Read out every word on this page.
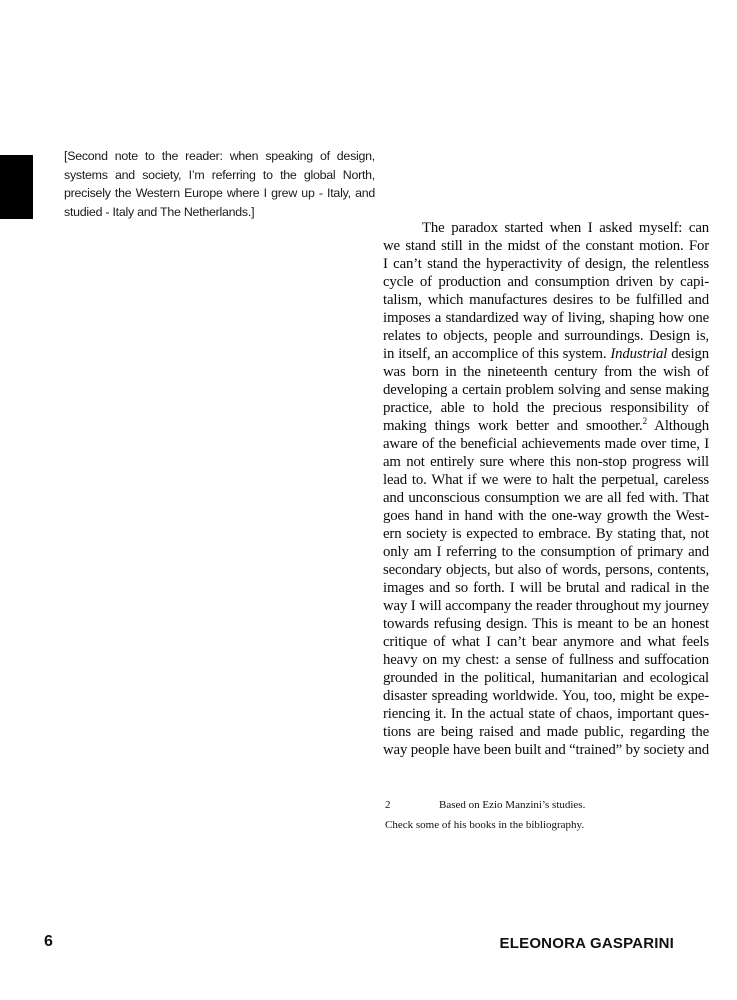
[Second note to the reader: when speaking of design,
systems and society, I’m referring to the global North,
precisely the Western Europe where I grew up - Italy, and
studied - Italy and The Netherlands.]
The paradox started when I asked myself: can
we stand still in the midst of the constant motion. For
I can’t stand the hyperactivity of design, the relentless
cycle of production and consumption driven by capi-
talism, which manufactures desires to be fulfilled and
imposes a standardized way of living, shaping how one
relates to objects, people and surroundings. Design is,
in itself, an accomplice of this system. Industrial design
was born in the nineteenth century from the wish of
developing a certain problem solving and sense making
practice, able to hold the precious responsibility of
making things work better and smoother.$^2$ Although
aware of the beneficial achievements made over time, I
am not entirely sure where this non-stop progress will
lead to. What if we were to halt the perpetual, careless
and unconscious consumption we are all fed with. That
goes hand in hand with the one-way growth the West-
ern society is expected to embrace. By stating that, not
only am I referring to the consumption of primary and
secondary objects, but also of words, persons, contents,
images and so forth. I will be brutal and radical in the
way I will accompany the reader throughout my journey
towards refusing design. This is meant to be an honest
critique of what I can’t bear anymore and what feels
heavy on my chest: a sense of fullness and suffocation
grounded in the political, humanitarian and ecological
disaster spreading worldwide. You, too, might be expe-
riencing it. In the actual state of chaos, important ques-
tions are being raised and made public, regarding the
way people have been built and “trained” by society and
2	Based on Ezio Manzini’s studies.
Check some of his books in the bibliography.
6	ELEONORA GASPARINI
